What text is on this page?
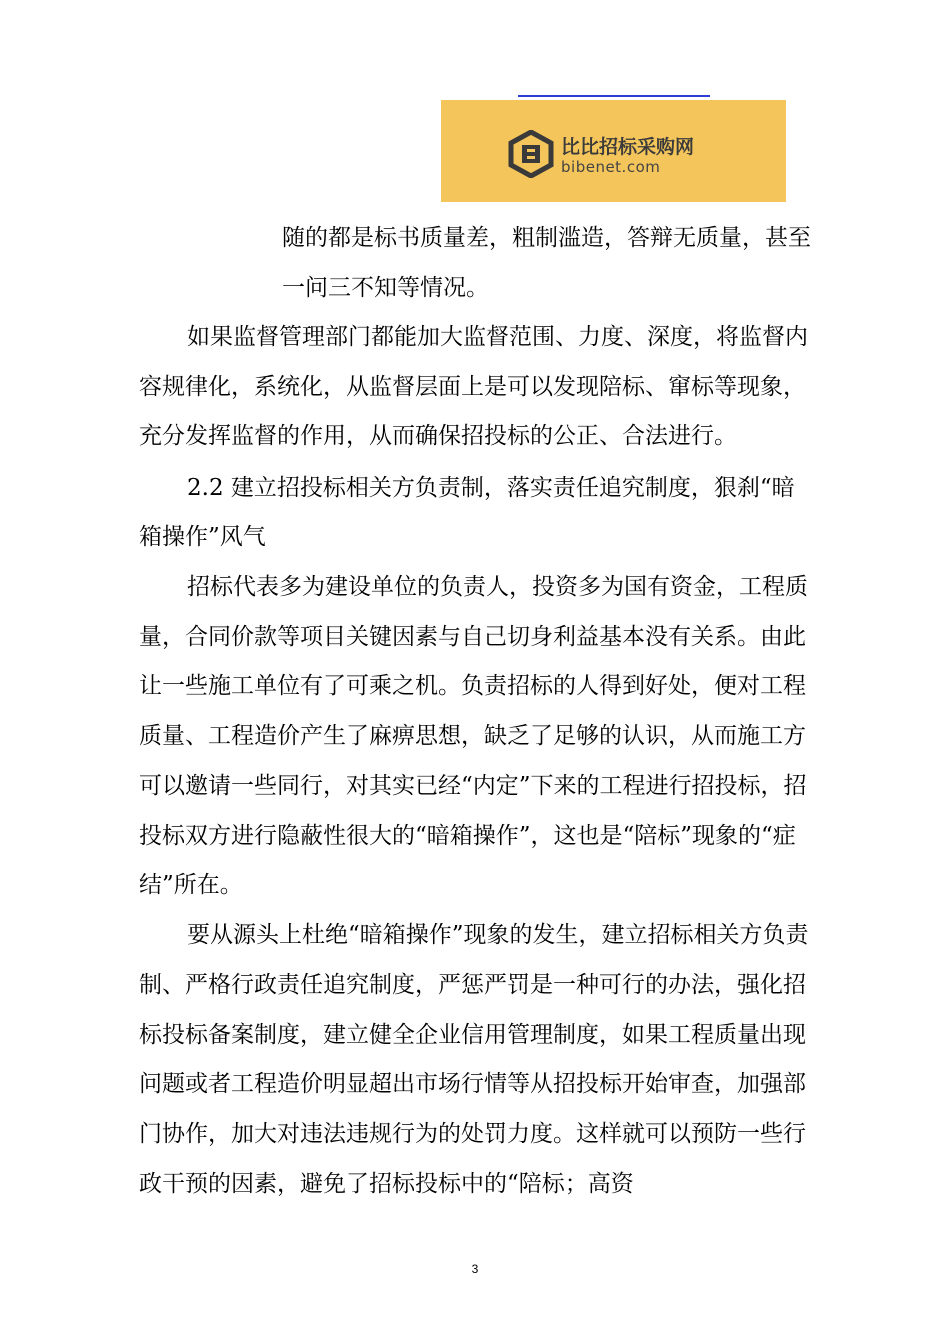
比比招标采购网
bibenet.com
随的都是标书质量差，粗制滥造，答辩无质量，甚至
一问三不知等情况。
如果监督管理部门都能加大监督范围、力度、深度，将监督内
容规律化，系统化，从监督层面上是可以发现陪标、窜标等现象，
充分发挥监督的作用，从而确保招投标的公正、合法进行。
2.2 建立招投标相关方负责制，落实责任追究制度，狠刹“暗
箱操作”风气
招标代表多为建设单位的负责人，投资多为国有资金，工程质
量，合同价款等项目关键因素与自己切身利益基本没有关系。由此
让一些施工单位有了可乘之机。负责招标的人得到好处，便对工程
质量、工程造价产生了麻痹思想，缺乏了足够的认识，从而施工方
可以邀请一些同行，对其实已经“内定”下来的工程进行招投标，招
投标双方进行隐蔽性很大的“暗箱操作”，这也是“陪标”现象的“症
结”所在。
要从源头上杜绝“暗箱操作”现象的发生，建立招标相关方负责
制、严格行政责任追究制度，严惩严罚是一种可行的办法，强化招
标投标备案制度，建立健全企业信用管理制度，如果工程质量出现
问题或者工程造价明显超出市场行情等从招投标开始审查，加强部
门协作，加大对违法违规行为的处罚力度。这样就可以预防一些行
政干预的因素，避免了招标投标中的“陪标；高资
3
